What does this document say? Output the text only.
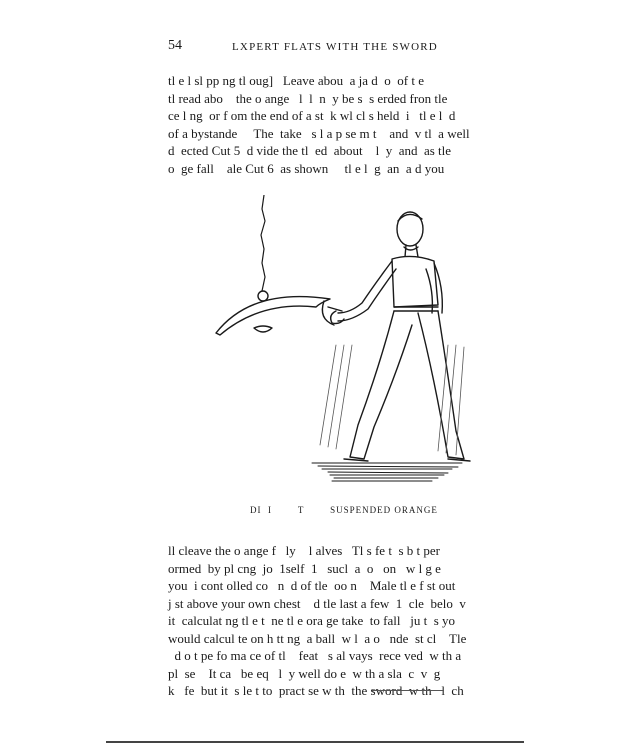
54	LXPERT FLATS WITH THE SWORD
tl e l sl pp ng tl oug]   Leave abou  a ja d  o  of t e
tl read abo    the o ange   l  l  n  y be s  s erded fron tle
ce l ng  or f om the end of a st  k wl cl s held  i   tl e l  d
of a bystande     The  take   s l a p se m t    and  v tl  a well
d  ected Cut 5  d vide the tl  ed  about    l  y  and  as tle
o  ge fall    ale Cut 6  as shown     tl e l  g  an  a d you
DI  I        T        SUSPENDED ORANGE
ll cleave the o ange f   ly    l alves   Tl s fe t  s b t per
ormed  by pl cng  jo  1self  1   sucl  a  o   on   w l g e
you  i cont olled co   n  d of tle  oo n    Male tl e f st out
j st above your own chest    d tle last a few  1  cle  belo  v
it  calculat ng tl e t  ne tl e ora ge take  to fall   ju t  s yo
would calcul te on h tt ng  a ball  w l  a o   nde  st cl    Tle
d o t pe fo ma ce of tl    feat   s al vays  rece ved  w th a
pl  se    It ca   be eq   l  y well do e  w th a sla  c  v  g
k   fe  but it  s le t to  pract se w th  the sword  w th   l  ch
